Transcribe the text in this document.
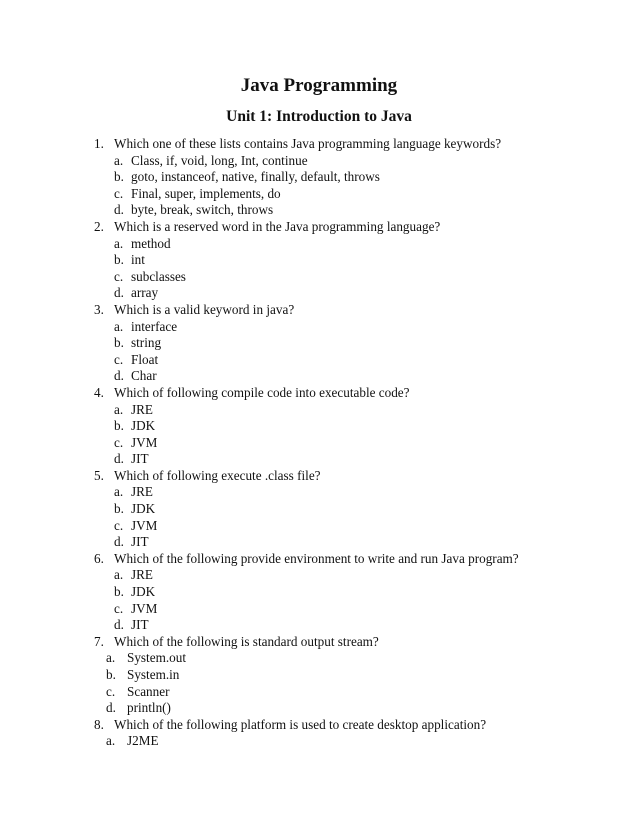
Java Programming
Unit 1: Introduction to Java
1. Which one of these lists contains Java programming language keywords?
a. Class, if, void, long, Int, continue
b. goto, instanceof, native, finally, default, throws
c. Final, super, implements, do
d. byte, break, switch, throws
2. Which is a reserved word in the Java programming language?
a. method
b. int
c. subclasses
d. array
3. Which is a valid keyword in java?
a. interface
b. string
c. Float
d. Char
4. Which of following compile code into executable code?
a. JRE
b. JDK
c. JVM
d. JIT
5. Which of following execute .class file?
a. JRE
b. JDK
c. JVM
d. JIT
6. Which of the following provide environment to write and run Java program?
a. JRE
b. JDK
c. JVM
d. JIT
7. Which of the following is standard output stream?
a. System.out
b. System.in
c. Scanner
d. println()
8. Which of the following platform is used to create desktop application?
a. J2ME
